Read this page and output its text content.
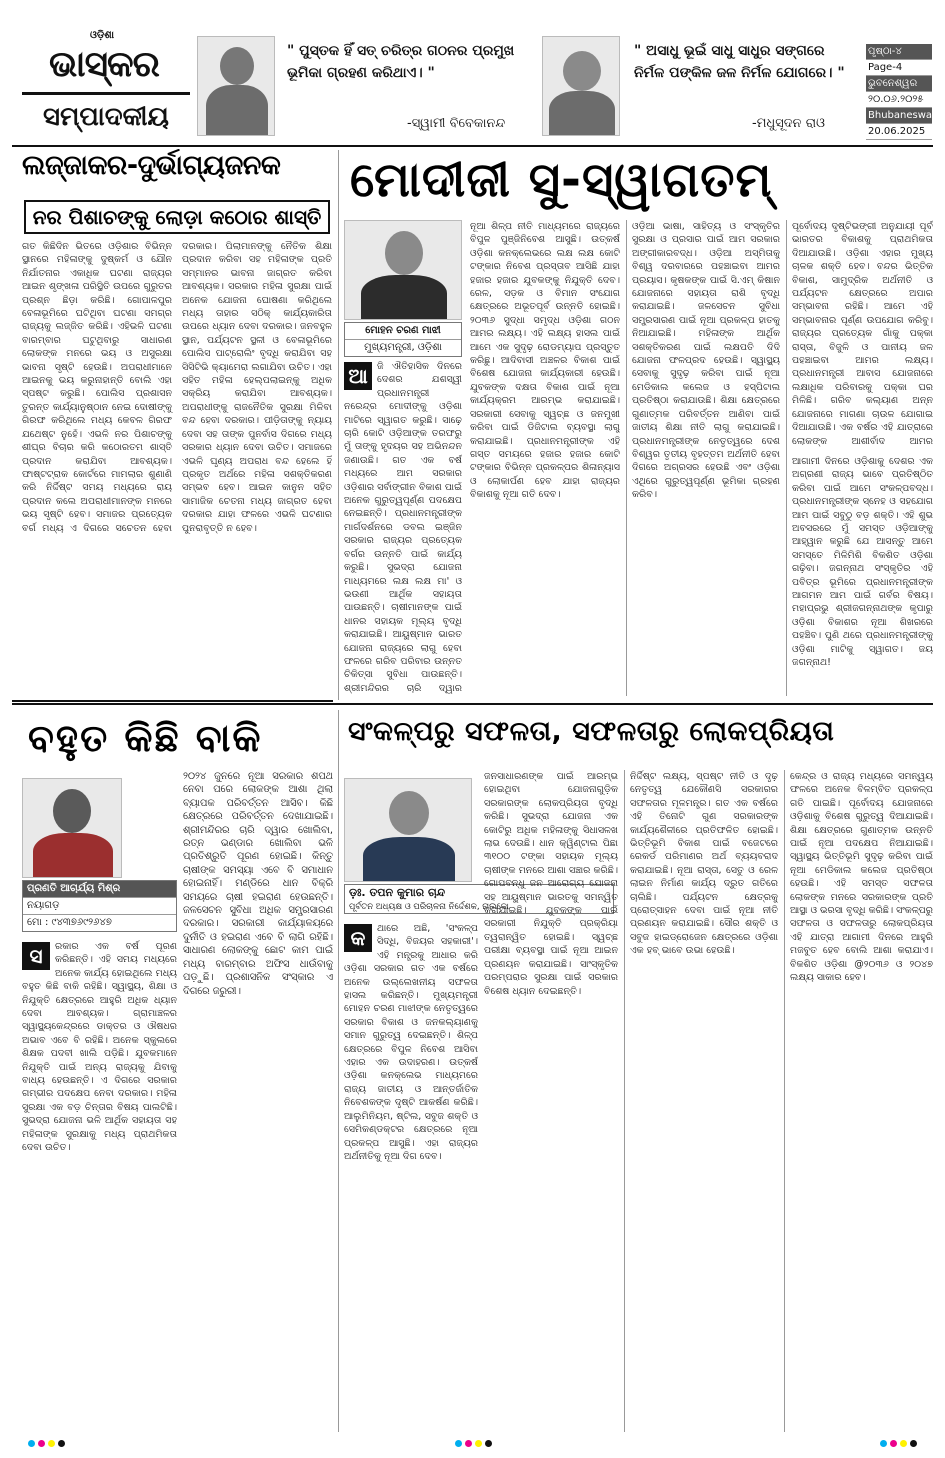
ଓଡ଼ିଶା
ଭାସ୍କର
ସମ୍ପାଦକୀୟ
" ପୁସ୍ତକ ହିଁ ସତ୍ ଚରିତ୍ର ଗଠନର ପ୍ରମୁଖ ଭୂମିକା ଗ୍ରହଣ କରିଥାଏ। "
-ସ୍ୱାମୀ ବିବେକାନନ୍ଦ
" ଅସାଧୁ ଭୂଇଁ ସାଧୁ ସାଧୁର ସଙ୍ଗରେ ନିର୍ମଳ ପଙ୍କିଳ ଜଳ ନିର୍ମଳ ଯୋଗରେ। "
-ମଧୁସୂଦନ ରାଓ
ପୃଷ୍ଠା-୪
Page-4
ଭୁବନେଶ୍ୱର
୨୦.୦୬.୨୦୨୫
Bhubaneswar
20.06.2025
ଲଜ୍ଜାକର-ଦୁର୍ଭାଗ୍ୟଜନକ
ନର ପିଶାଚଙ୍କୁ ଲୋଡ଼ା କଠୋର ଶାସ୍ତି
ଗତ କିଛିଦିନ ଭିତରେ ଓଡ଼ିଶାର ବିଭିନ୍ନ ସ୍ଥାନରେ ମହିଳାଙ୍କୁ ଦୁଷ୍କର୍ମ ଓ ଯୌନ ନିର୍ଯାତନାର ଏକାଧିକ ଘଟଣା ରାଜ୍ୟର ଆଇନ ଶୃଙ୍ଖଳା ପରିସ୍ଥିତି ଉପରେ ଗୁରୁତର ପ୍ରଶ୍ନ ଛିଡ଼ା କରିଛି। ଗୋପାଳପୁର ବେଳାଭୂମିରେ ଘଟିଥିବା ଘଟଣା ସମଗ୍ର ରାଜ୍ୟକୁ ଲଜ୍ଜିତ କରିଛି। ଏହିଭଳି ଘଟଣା ବାରମ୍ବାର ଘଟୁଥିବାରୁ ସାଧାରଣ ଲୋକଙ୍କ ମନରେ ଭୟ ଓ ଅସୁରକ୍ଷା ଭାବନା ସୃଷ୍ଟି ହେଉଛି। ଅପରାଧୀମାନେ ଆଇନକୁ ଭୟ କରୁନାହାନ୍ତି ବୋଲି ଏହା ସ୍ପଷ୍ଟ କରୁଛି। ପୋଲିସ ପ୍ରଶାସନ ତୁରନ୍ତ କାର୍ଯ୍ୟାନୁଷ୍ଠାନ ନେଇ ଦୋଷୀଙ୍କୁ ଗିରଫ କରିଥିଲେ ମଧ୍ୟ କେବଳ ଗିରଫ ଯଥେଷ୍ଟ ନୁହେଁ। ଏଭଳି ନର ପିଶାଚଙ୍କୁ ଶୀଘ୍ର ବିଚାର କରି କଠୋରତମ ଶାସ୍ତି ପ୍ରଦାନ କରାଯିବା ଆବଶ୍ୟକ। ଫାଷ୍ଟଟ୍ରାକ କୋର୍ଟରେ ମାମଲାର ଶୁଣାଣି କରି ନିର୍ଦ୍ଦିଷ୍ଟ ସମୟ ମଧ୍ୟରେ ରାୟ ପ୍ରଦାନ କଲେ ଅପରାଧୀମାନଙ୍କ ମନରେ ଭୟ ସୃଷ୍ଟି ହେବ। ସମାଜର ପ୍ରତ୍ୟେକ ବର୍ଗ ମଧ୍ୟ ଏ ଦିଗରେ ସଚେତନ ହେବା ଦରକାର। ପିଲାମାନଙ୍କୁ ନୈତିକ ଶିକ୍ଷା ପ୍ରଦାନ କରିବା ସହ ମହିଳାଙ୍କ ପ୍ରତି ସମ୍ମାନର ଭାବନା ଜାଗ୍ରତ କରିବା ଆବଶ୍ୟକ। ସରକାର ମହିଳା ସୁରକ୍ଷା ପାଇଁ ଅନେକ ଯୋଜନା ଘୋଷଣା କରିଥିଲେ ମଧ୍ୟ ତାହାର ସଠିକ୍ କାର୍ଯ୍ୟକାରିତା ଉପରେ ଧ୍ୟାନ ଦେବା ଦରକାର। ଜନବହୁଳ ସ୍ଥାନ, ପର୍ଯ୍ୟଟନ ସ୍ଥଳୀ ଓ ବେଳାଭୂମିରେ ପୋଲିସ ପାଟ୍ରୋଲିଂ ବୃଦ୍ଧି କରାଯିବା ସହ ସିସିଟିଭି କ୍ୟାମେରା ଲଗାଯିବା ଉଚିତ। ଏହା ସହିତ ମହିଳା ହେଲ୍ପଲାଇନ୍‌କୁ ଅଧିକ ସକ୍ରିୟ କରାଯିବା ଆବଶ୍ୟକ। ଅପରାଧୀଙ୍କୁ ରାଜନୈତିକ ସୁରକ୍ଷା ମିଳିବା ବନ୍ଦ ହେବା ଦରକାର। ପୀଡ଼ିତାଙ୍କୁ ନ୍ୟାୟ ଦେବା ସହ ତାଙ୍କ ପୁନର୍ବାସ ଦିଗରେ ମଧ୍ୟ ସରକାର ଧ୍ୟାନ ଦେବା ଉଚିତ। ସମାଜରେ ଏଭଳି ଘୃଣ୍ୟ ଅପରାଧ ବନ୍ଦ ହେଲେ ହିଁ ପ୍ରକୃତ ଅର୍ଥରେ ମହିଳା ସଶକ୍ତିକରଣ ସମ୍ଭବ ହେବ। ଆଇନ କାନୁନ ସହିତ ସାମାଜିକ ଚେତନା ମଧ୍ୟ ଜାଗ୍ରତ ହେବା ଦରକାର ଯାହା ଫଳରେ ଏଭଳି ଘଟଣାର ପୁନରାବୃତ୍ତି ନ ହେବ।
ମୋଦୀଜୀ ସୁ-ସ୍ୱାଗତମ୍
ମୋହନ ଚରଣ ମାଝୀ
ମୁଖ୍ୟମନ୍ତ୍ରୀ, ଓଡ଼ିଶା
ଆ ଜି ଐତିହାସିକ ଦିନରେ ଦେଶର ଯଶସ୍ୱୀ ପ୍ରଧାନମନ୍ତ୍ରୀ ନରେନ୍ଦ୍ର ମୋଦୀଙ୍କୁ ଓଡ଼ିଶା ମାଟିରେ ସ୍ୱାଗତ କରୁଛି। ସାଢ଼େ ଚାରି କୋଟି ଓଡ଼ିଆଙ୍କ ତରଫରୁ ମୁଁ ତାଙ୍କୁ ହୃଦୟର ସହ ଅଭିନନ୍ଦନ ଜଣାଉଛି। ଗତ ଏକ ବର୍ଷ ମଧ୍ୟରେ ଆମ ସରକାର ଓଡ଼ିଶାର ସର୍ବାଙ୍ଗୀନ ବିକାଶ ପାଇଁ ଅନେକ ଗୁରୁତ୍ୱପୂର୍ଣ୍ଣ ପଦକ୍ଷେପ ନେଇଛନ୍ତି। ପ୍ରଧାନମନ୍ତ୍ରୀଙ୍କ ମାର୍ଗଦର୍ଶନରେ ଡବଲ ଇଞ୍ଜିନ ସରକାର ରାଜ୍ୟର ପ୍ରତ୍ୟେକ ବର୍ଗର ଉନ୍ନତି ପାଇଁ କାର୍ଯ୍ୟ କରୁଛି। ସୁଭଦ୍ରା ଯୋଜନା ମାଧ୍ୟମରେ ଲକ୍ଷ ଲକ୍ଷ ମା' ଓ ଭଉଣୀ ଆର୍ଥିକ ସହାୟତା ପାଉଛନ୍ତି। ଚାଷୀମାନଙ୍କ ପାଇଁ ଧାନର ସହାୟକ ମୂଲ୍ୟ ବୃଦ୍ଧି କରାଯାଇଛି। ଆୟୁଷ୍ମାନ ଭାରତ ଯୋଜନା ରାଜ୍ୟରେ ଲାଗୁ ହେବା ଫଳରେ ଗରିବ ପରିବାର ଉନ୍ନତ ଚିକିତ୍ସା ସୁବିଧା ପାଉଛନ୍ତି। ଶ୍ରୀମନ୍ଦିରର ଚାରି ଦ୍ୱାର
ନୂଆ ଶିଳ୍ପ ନୀତି ମାଧ୍ୟମରେ ରାଜ୍ୟରେ ବିପୁଳ ପୁଞ୍ଜିନିବେଶ ଆସୁଛି। ଉତ୍କର୍ଷ ଓଡ଼ିଶା କନକ୍ଲେଭରେ ଲକ୍ଷ ଲକ୍ଷ କୋଟି ଟଙ୍କାର ନିବେଶ ପ୍ରସ୍ତାବ ଆସିଛି ଯାହା ହଜାର ହଜାର ଯୁବକଙ୍କୁ ନିଯୁକ୍ତି ଦେବ। ରେଳ, ସଡ଼କ ଓ ବିମାନ ସଂଯୋଗ କ୍ଷେତ୍ରରେ ଅଭୂତପୂର୍ବ ଉନ୍ନତି ହୋଇଛି। ୨୦୩୬ ସୁଦ୍ଧା ସମୃଦ୍ଧ ଓଡ଼ିଶା ଗଠନ ଆମର ଲକ୍ଷ୍ୟ। ଏହି ଲକ୍ଷ୍ୟ ହାସଲ ପାଇଁ ଆମେ ଏକ ସୁଦୃଢ଼ ରୋଡମ୍ୟାପ ପ୍ରସ୍ତୁତ କରିଛୁ। ଆଦିବାସୀ ଅଞ୍ଚଳର ବିକାଶ ପାଇଁ ବିଶେଷ ଯୋଜନା କାର୍ଯ୍ୟକାରୀ ହେଉଛି। ଯୁବକଙ୍କ ଦକ୍ଷତା ବିକାଶ ପାଇଁ ନୂଆ କାର୍ଯ୍ୟକ୍ରମ ଆରମ୍ଭ କରାଯାଇଛି। ସରକାରୀ ସେବାକୁ ସ୍ୱଚ୍ଛ ଓ ଜନମୁଖୀ କରିବା ପାଇଁ ଡିଜିଟାଲ ବ୍ୟବସ୍ଥା ଲାଗୁ କରାଯାଇଛି। ପ୍ରଧାନମନ୍ତ୍ରୀଙ୍କ ଏହି ଗସ୍ତ ସମୟରେ ହଜାର ହଜାର କୋଟି ଟଙ୍କାର ବିଭିନ୍ନ ପ୍ରକଳ୍ପର ଶିଳାନ୍ୟାସ ଓ ଲୋକାର୍ପଣ ହେବ ଯାହା ରାଜ୍ୟର ବିକାଶକୁ ନୂଆ ଗତି ଦେବ।
ଓଡ଼ିଆ ଭାଷା, ସାହିତ୍ୟ ଓ ସଂସ୍କୃତିର ସୁରକ୍ଷା ଓ ପ୍ରସାର ପାଇଁ ଆମ ସରକାର ଅଙ୍ଗୀକାରବଦ୍ଧ। ଓଡ଼ିଆ ଅସ୍ମିତାକୁ ବିଶ୍ୱ ଦରବାରରେ ପହଞ୍ଚାଇବା ଆମର ପ୍ରୟାସ। କୃଷକଙ୍କ ପାଇଁ ସି.ଏମ୍ କିଷାନ ଯୋଜନାରେ ସହାୟତା ରାଶି ବୃଦ୍ଧି କରାଯାଇଛି। ଜଳସେଚନ ସୁବିଧା ସମ୍ପ୍ରସାରଣ ପାଇଁ ନୂଆ ପ୍ରକଳ୍ପ ହାତକୁ ନିଆଯାଇଛି। ମହିଳାଙ୍କ ଆର୍ଥିକ ସଶକ୍ତିକରଣ ପାଇଁ ଲକ୍ଷପତି ଦିଦି ଯୋଜନା ଫଳପ୍ରଦ ହେଉଛି। ସ୍ୱାସ୍ଥ୍ୟ ସେବାକୁ ସୁଦୃଢ଼ କରିବା ପାଇଁ ନୂଆ ମେଡିକାଲ କଲେଜ ଓ ହସ୍ପିଟାଲ ପ୍ରତିଷ୍ଠା କରାଯାଉଛି। ଶିକ୍ଷା କ୍ଷେତ୍ରରେ ଗୁଣାତ୍ମକ ପରିବର୍ତ୍ତନ ଆଣିବା ପାଇଁ ଜାତୀୟ ଶିକ୍ଷା ନୀତି ଲାଗୁ କରାଯାଇଛି। ପ୍ରଧାନମନ୍ତ୍ରୀଙ୍କ ନେତୃତ୍ୱରେ ଦେଶ ବିଶ୍ୱର ତୃତୀୟ ବୃହତ୍ତମ ଅର୍ଥନୀତି ହେବା ଦିଗରେ ଅଗ୍ରସର ହେଉଛି ଏବଂ ଓଡ଼ିଶା ଏଥିରେ ଗୁରୁତ୍ୱପୂର୍ଣ୍ଣ ଭୂମିକା ଗ୍ରହଣ କରିବ।
ପୂର୍ବୋଦୟ ଦୃଷ୍ଟିଭଙ୍ଗୀ ଅନୁଯାୟୀ ପୂର୍ବ ଭାରତର ବିକାଶକୁ ପ୍ରାଥମିକତା ଦିଆଯାଉଛି। ଓଡ଼ିଶା ଏହାର ମୁଖ୍ୟ ଚାଳକ ଶକ୍ତି ହେବ। ବନ୍ଦର ଭିତ୍ତିକ ବିକାଶ, ସାମୁଦ୍ରିକ ଅର୍ଥନୀତି ଓ ପର୍ଯ୍ୟଟନ କ୍ଷେତ୍ରରେ ଅପାର ସମ୍ଭାବନା ରହିଛି। ଆମେ ଏହି ସମ୍ଭାବନାର ପୂର୍ଣ୍ଣ ଉପଯୋଗ କରିବୁ। ରାଜ୍ୟର ପ୍ରତ୍ୟେକ ଗାଁକୁ ପକ୍କା ରାସ୍ତା, ବିଜୁଳି ଓ ପାନୀୟ ଜଳ ପହଞ୍ଚାଇବା ଆମର ଲକ୍ଷ୍ୟ। ପ୍ରଧାନମନ୍ତ୍ରୀ ଆବାସ ଯୋଜନାରେ ଲକ୍ଷାଧିକ ପରିବାରକୁ ପକ୍କା ଘର ମିଳିଛି। ଗରିବ କଲ୍ୟାଣ ଅନ୍ନ ଯୋଜନାରେ ମାଗଣା ଚାଉଳ ଯୋଗାଇ ଦିଆଯାଉଛି। ଏକ ବର୍ଷର ଏହି ଯାତ୍ରାରେ ଲୋକଙ୍କ ଆଶୀର୍ବାଦ ଆମର
ଆଗାମୀ ଦିନରେ ଓଡ଼ିଶାକୁ ଦେଶର ଏକ ଅଗ୍ରଣୀ ରାଜ୍ୟ ଭାବେ ପ୍ରତିଷ୍ଠିତ କରିବା ପାଇଁ ଆମେ ସଂକଳ୍ପବଦ୍ଧ। ପ୍ରଧାନମନ୍ତ୍ରୀଙ୍କ ସ୍ନେହ ଓ ସହଯୋଗ ଆମ ପାଇଁ ସବୁଠୁ ବଡ଼ ଶକ୍ତି। ଏହି ଶୁଭ ଅବସରରେ ମୁଁ ସମସ୍ତ ଓଡ଼ିଆଙ୍କୁ ଆହ୍ୱାନ କରୁଛି ଯେ ଆସନ୍ତୁ ଆମେ ସମସ୍ତେ ମିଳିମିଶି ବିକଶିତ ଓଡ଼ିଶା ଗଢ଼ିବା। ଜଗନ୍ନାଥ ସଂସ୍କୃତିର ଏହି ପବିତ୍ର ଭୂମିରେ ପ୍ରଧାନମନ୍ତ୍ରୀଙ୍କ ଆଗମନ ଆମ ପାଇଁ ଗର୍ବର ବିଷୟ। ମହାପ୍ରଭୁ ଶ୍ରୀଜଗନ୍ନାଥଙ୍କ କୃପାରୁ ଓଡ଼ିଶା ବିକାଶର ନୂଆ ଶିଖରରେ ପହଞ୍ଚିବ। ପୁଣି ଥରେ ପ୍ରଧାନମନ୍ତ୍ରୀଙ୍କୁ ଓଡ଼ିଶା ମାଟିକୁ ସ୍ୱାଗତ। ଜୟ ଜଗନ୍ନାଥ!
ବହୁତ କିଛି ବାକି
ପ୍ରଣତି ଆଚାର୍ଯ୍ୟ ମିଶ୍ର
ନୟାଗଡ଼
ମୋ : ୯୪୩୭୬୯୨୬୪୭
ସ	ରକାର ଏକ ବର୍ଷ ପୂରଣ କରିଛନ୍ତି। ଏହି ସମୟ ମଧ୍ୟରେ ଅନେକ କାର୍ଯ୍ୟ ହୋଇଥିଲେ ମଧ୍ୟ ବହୁତ କିଛି ବାକି ରହିଛି। ସ୍ୱାସ୍ଥ୍ୟ, ଶିକ୍ଷା ଓ ନିଯୁକ୍ତି କ୍ଷେତ୍ରରେ ଆହୁରି ଅଧିକ ଧ୍ୟାନ ଦେବା ଆବଶ୍ୟକ। ଗ୍ରାମାଞ୍ଚଳର ସ୍ୱାସ୍ଥ୍ୟକେନ୍ଦ୍ରରେ ଡାକ୍ତର ଓ ଔଷଧର ଅଭାବ ଏବେ ବି ରହିଛି। ଅନେକ ସ୍କୁଲରେ ଶିକ୍ଷକ ପଦବୀ ଖାଲି ପଡ଼ିଛି। ଯୁବକମାନେ ନିଯୁକ୍ତି ପାଇଁ ଅନ୍ୟ ରାଜ୍ୟକୁ ଯିବାକୁ ବାଧ୍ୟ ହେଉଛନ୍ତି। ଏ ଦିଗରେ ସରକାର ଗମ୍ଭୀର ପଦକ୍ଷେପ ନେବା ଦରକାର। ମହିଳା ସୁରକ୍ଷା ଏକ ବଡ଼ ଚିନ୍ତାର ବିଷୟ ପାଲଟିଛି। ସୁଭଦ୍ରା ଯୋଜନା ଭଳି ଆର୍ଥିକ ସହାୟତା ସହ ମହିଳାଙ୍କ ସୁରକ୍ଷାକୁ ମଧ୍ୟ ପ୍ରାଥମିକତା ଦେବା ଉଚିତ।
୨୦୨୪ ଜୁନରେ ନୂଆ ସରକାର ଶପଥ ନେବା ପରେ ଲୋକଙ୍କ ଆଶା ଥିଲା ବ୍ୟାପକ ପରିବର୍ତ୍ତନ ଆସିବ। କିଛି କ୍ଷେତ୍ରରେ ପରିବର୍ତ୍ତନ ଦେଖାଯାଇଛି। ଶ୍ରୀମନ୍ଦିରର ଚାରି ଦ୍ୱାର ଖୋଲିବା, ରତ୍ନ ଭଣ୍ଡାର ଖୋଲିବା ଭଳି ପ୍ରତିଶ୍ରୁତି ପୂରଣ ହୋଇଛି। କିନ୍ତୁ ଚାଷୀଙ୍କ ସମସ୍ୟା ଏବେ ବି ସମାଧାନ ହୋଇନାହିଁ। ମଣ୍ଡିରେ ଧାନ ବିକ୍ରି ସମୟରେ ଚାଷୀ ହଇରାଣ ହେଉଛନ୍ତି। ଜଳସେଚନ ସୁବିଧା ଅଧିକ ସମ୍ପ୍ରସାରଣ ଦରକାର। ସରକାରୀ କାର୍ଯ୍ୟାଳୟରେ ଦୁର୍ନୀତି ଓ ହଇରାଣ ଏବେ ବି ଲାଗି ରହିଛି। ସାଧାରଣ ଲୋକଙ୍କୁ ଛୋଟ କାମ ପାଇଁ ମଧ୍ୟ ବାରମ୍ବାର ଅଫିସ ଧାଉଁବାକୁ ପଡ଼ୁଛି। ପ୍ରଶାସନିକ ସଂସ୍କାର ଏ ଦିଗରେ ଜରୁରୀ।
ସଂକଳ୍ପରୁ ସଫଳତା, ସଫଳତାରୁ ଲୋକପ୍ରିୟତା
ଡ଼ଃ. ତପନ କୁମାର ଚାନ୍ଦ
ପୂର୍ବତନ ଅଧ୍ୟକ୍ଷ ଓ ପରିଚାଳନା ନିର୍ଦ୍ଦେଶକ, ନାଲକୋ
କ	ଥାରେ ଅଛି, 'ସଂକଳ୍ପ ସିଦ୍ଧି, ବିଜୟର ସହକାରୀ'। ଏହି ମନ୍ତ୍ରକୁ ଆଧାର କରି ଓଡ଼ିଶା ସରକାର ଗତ ଏକ ବର୍ଷରେ ଅନେକ ଉଲ୍ଲେଖନୀୟ ସଫଳତା ହାସଲ କରିଛନ୍ତି। ମୁଖ୍ୟମନ୍ତ୍ରୀ ମୋହନ ଚରଣ ମାଝୀଙ୍କ ନେତୃତ୍ୱରେ ସରକାର ବିକାଶ ଓ ଜନକଲ୍ୟାଣକୁ ସମାନ ଗୁରୁତ୍ୱ ଦେଇଛନ୍ତି। ଶିଳ୍ପ କ୍ଷେତ୍ରରେ ବିପୁଳ ନିବେଶ ଆସିବା ଏହାର ଏକ ଉଦାହରଣ। ଉତ୍କର୍ଷ ଓଡ଼ିଶା କନକ୍ଲେଭ ମାଧ୍ୟମରେ ରାଜ୍ୟ ଜାତୀୟ ଓ ଆନ୍ତର୍ଜାତିକ ନିବେଶକଙ୍କ ଦୃଷ୍ଟି ଆକର୍ଷଣ କରିଛି। ଆଲୁମିନିୟମ, ଷ୍ଟିଲ, ସବୁଜ ଶକ୍ତି ଓ ସେମିକଣ୍ଡକ୍ଟର କ୍ଷେତ୍ରରେ ନୂଆ ପ୍ରକଳ୍ପ ଆସୁଛି। ଏହା ରାଜ୍ୟର ଅର୍ଥନୀତିକୁ ନୂଆ ଦିଗ ଦେବ।
ଜନସାଧାରଣଙ୍କ ପାଇଁ ଆରମ୍ଭ ହୋଇଥିବା ଯୋଜନାଗୁଡ଼ିକ ସରକାରଙ୍କ ଲୋକପ୍ରିୟତା ବୃଦ୍ଧି କରିଛି। ସୁଭଦ୍ରା ଯୋଜନା ଏକ କୋଟିରୁ ଅଧିକ ମହିଳାଙ୍କୁ ସିଧାସଳଖ ଲାଭ ଦେଉଛି। ଧାନ କ୍ୱିଣ୍ଟାଲ ପିଛା ୩୧୦୦ ଟଙ୍କା ସହାୟକ ମୂଲ୍ୟ ଚାଷୀଙ୍କ ମନରେ ଆଶା ସଞ୍ଚାର କରିଛି। ଗୋପବନ୍ଧୁ ଜନ ଆରୋଗ୍ୟ ଯୋଜନା ସହ ଆୟୁଷ୍ମାନ ଭାରତକୁ ସମନ୍ୱିତ କରାଯାଇଛି। ଯୁବକଙ୍କ ପାଇଁ ସରକାରୀ ନିଯୁକ୍ତି ପ୍ରକ୍ରିୟା ତ୍ୱରାନ୍ୱିତ ହୋଇଛି। ସ୍ୱଚ୍ଛ ପରୀକ୍ଷା ବ୍ୟବସ୍ଥା ପାଇଁ ନୂଆ ଆଇନ ପ୍ରଣୟନ କରାଯାଇଛି। ସାଂସ୍କୃତିକ ପରମ୍ପରାର ସୁରକ୍ଷା ପାଇଁ ସରକାର ବିଶେଷ ଧ୍ୟାନ ଦେଇଛନ୍ତି।
ନିର୍ଦ୍ଦିଷ୍ଟ ଲକ୍ଷ୍ୟ, ସ୍ପଷ୍ଟ ନୀତି ଓ ଦୃଢ଼ ନେତୃତ୍ୱ ଯେକୌଣସି ସରକାରର ସଫଳତାର ମୂଳମନ୍ତ୍ର। ଗତ ଏକ ବର୍ଷରେ ଏହି ତିନୋଟି ଗୁଣ ସରକାରଙ୍କ କାର୍ଯ୍ୟଶୈଳୀରେ ପ୍ରତିଫଳିତ ହୋଇଛି। ଭିତ୍ତିଭୂମି ବିକାଶ ପାଇଁ ବଜେଟରେ ରେକର୍ଡ ପରିମାଣର ଅର୍ଥ ବ୍ୟୟବରାଦ କରାଯାଇଛି। ନୂଆ ରାସ୍ତା, ସେତୁ ଓ ରେଳ ଲାଇନ ନିର୍ମାଣ କାର୍ଯ୍ୟ ଦ୍ରୁତ ଗତିରେ ଚାଲିଛି। ପର୍ଯ୍ୟଟନ କ୍ଷେତ୍ରକୁ ପ୍ରୋତ୍ସାହନ ଦେବା ପାଇଁ ନୂଆ ନୀତି ପ୍ରଣୟନ କରାଯାଇଛି। ସୌର ଶକ୍ତି ଓ ସବୁଜ ହାଇଡ୍ରୋଜେନ କ୍ଷେତ୍ରରେ ଓଡ଼ିଶା ଏକ ହବ୍ ଭାବେ ଉଭା ହେଉଛି।
କେନ୍ଦ୍ର ଓ ରାଜ୍ୟ ମଧ୍ୟରେ ସମନ୍ୱୟ ଫଳରେ ଅନେକ ବିଳମ୍ବିତ ପ୍ରକଳ୍ପ ଗତି ପାଇଛି। ପୂର୍ବୋଦୟ ଯୋଜନାରେ ଓଡ଼ିଶାକୁ ବିଶେଷ ଗୁରୁତ୍ୱ ଦିଆଯାଇଛି। ଶିକ୍ଷା କ୍ଷେତ୍ରରେ ଗୁଣାତ୍ମକ ଉନ୍ନତି ପାଇଁ ନୂଆ ପଦକ୍ଷେପ ନିଆଯାଇଛି। ସ୍ୱାସ୍ଥ୍ୟ ଭିତ୍ତିଭୂମି ସୁଦୃଢ଼ କରିବା ପାଇଁ ନୂଆ ମେଡିକାଲ କଲେଜ ପ୍ରତିଷ୍ଠା ହେଉଛି। ଏହି ସମସ୍ତ ସଫଳତା ଲୋକଙ୍କ ମନରେ ସରକାରଙ୍କ ପ୍ରତି ଆସ୍ଥା ଓ ଭରସା ବୃଦ୍ଧି କରିଛି। ସଂକଳ୍ପରୁ ସଫଳତା ଓ ସଫଳତାରୁ ଲୋକପ୍ରିୟତା ଏହି ଯାତ୍ରା ଆଗାମୀ ଦିନରେ ଆହୁରି ମଜବୁତ ହେବ ବୋଲି ଆଶା କରାଯାଏ। ବିକଶିତ ଓଡ଼ିଶା @୨୦୩୬ ଓ ୨୦୪୭ ଲକ୍ଷ୍ୟ ସାକାର ହେବ।
